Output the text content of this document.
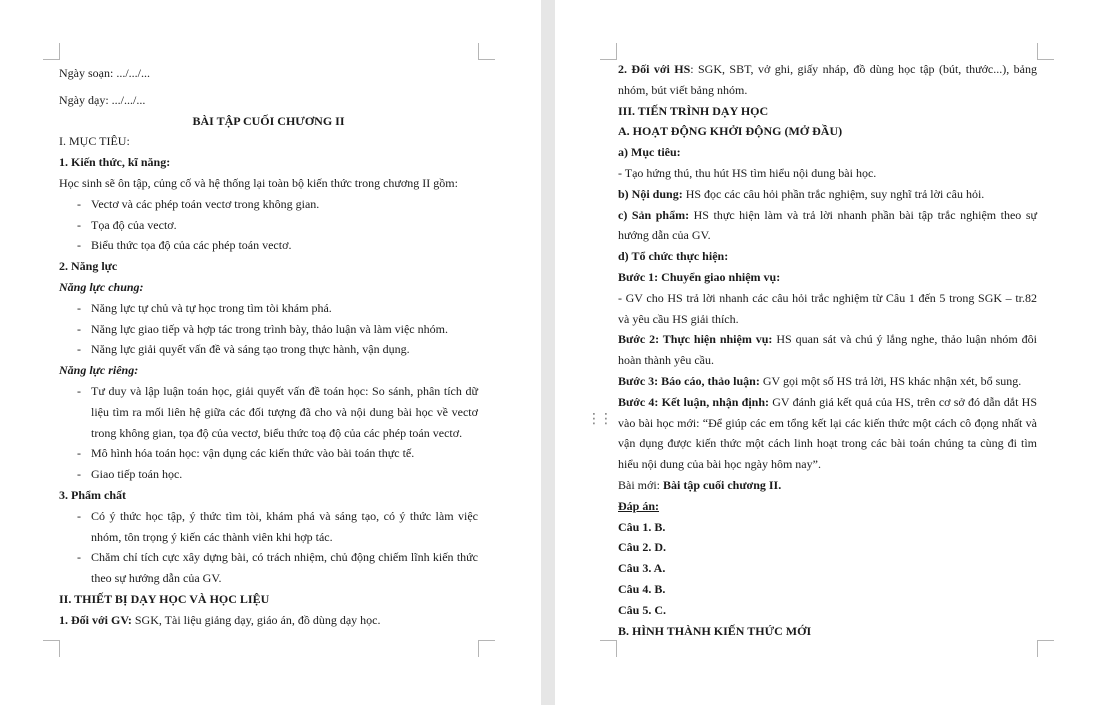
Ngày soạn: .../.../...

Ngày dạy: .../.../...

BÀI TẬP CUỐI CHƯƠNG II

I. MỤC TIÊU:

1. Kiến thức, kĩ năng:

Học sinh sẽ ôn tập, củng cố và hệ thống lại toàn bộ kiến thức trong chương II gồm:

- Vectơ và các phép toán vectơ trong không gian.
- Tọa độ của vectơ.
- Biểu thức tọa độ của các phép toán vectơ.

2. Năng lực

Năng lực chung:

- Năng lực tự chủ và tự học trong tìm tòi khám phá.
- Năng lực giao tiếp và hợp tác trong trình bày, thảo luận và làm việc nhóm.
- Năng lực giải quyết vấn đề và sáng tạo trong thực hành, vận dụng.

Năng lực riêng:

- Tư duy và lập luận toán học, giải quyết vấn đề toán học: So sánh, phân tích dữ liệu tìm ra mối liên hệ giữa các đối tượng đã cho và nội dung bài học về vectơ trong không gian, tọa độ của vectơ, biểu thức toạ độ của các phép toán vectơ.
- Mô hình hóa toán học: vận dụng các kiến thức vào bài toán thực tế.
- Giao tiếp toán học.

3. Phẩm chất

- Có ý thức học tập, ý thức tìm tòi, khám phá và sáng tạo, có ý thức làm việc nhóm, tôn trọng ý kiến các thành viên khi hợp tác.
- Chăm chỉ tích cực xây dựng bài, có trách nhiệm, chủ động chiếm lĩnh kiến thức theo sự hướng dẫn của GV.

II. THIẾT BỊ DẠY HỌC VÀ HỌC LIỆU

1. Đối với GV: SGK, Tài liệu giảng dạy, giáo án, đồ dùng dạy học.

2. Đối với HS: SGK, SBT, vở ghi, giấy nháp, đồ dùng học tập (bút, thước...), bảng nhóm, bút viết bảng nhóm.

III. TIẾN TRÌNH DẠY HỌC

A. HOẠT ĐỘNG KHỞI ĐỘNG (MỞ ĐẦU)

a) Mục tiêu:

- Tạo hứng thú, thu hút HS tìm hiểu nội dung bài học.

b) Nội dung: HS đọc các câu hỏi phần trắc nghiệm, suy nghĩ trả lời câu hỏi.

c) Sản phẩm: HS thực hiện làm và trả lời nhanh phần bài tập trắc nghiệm theo sự hướng dẫn của GV.

d) Tổ chức thực hiện:

Bước 1: Chuyển giao nhiệm vụ:

- GV cho HS trả lời nhanh các câu hỏi trắc nghiệm từ Câu 1 đến 5 trong SGK – tr.82 và yêu cầu HS giải thích.

Bước 2: Thực hiện nhiệm vụ: HS quan sát và chú ý lắng nghe, thảo luận nhóm đôi hoàn thành yêu cầu.

Bước 3: Báo cáo, thảo luận: GV gọi một số HS trả lời, HS khác nhận xét, bổ sung.

Bước 4: Kết luận, nhận định: GV đánh giá kết quả của HS, trên cơ sở đó dẫn dắt HS vào bài học mới: “Để giúp các em tổng kết lại các kiến thức một cách cô đọng nhất và vận dụng được kiến thức một cách linh hoạt trong các bài toán chúng ta cùng đi tìm hiểu nội dung của bài học ngày hôm nay”.

Bài mới: Bài tập cuối chương II.

Đáp án:

Câu 1. B.

Câu 2. D.

Câu 3. A.

Câu 4. B.

Câu 5. C.

B. HÌNH THÀNH KIẾN THỨC MỚI

⋮⋮
